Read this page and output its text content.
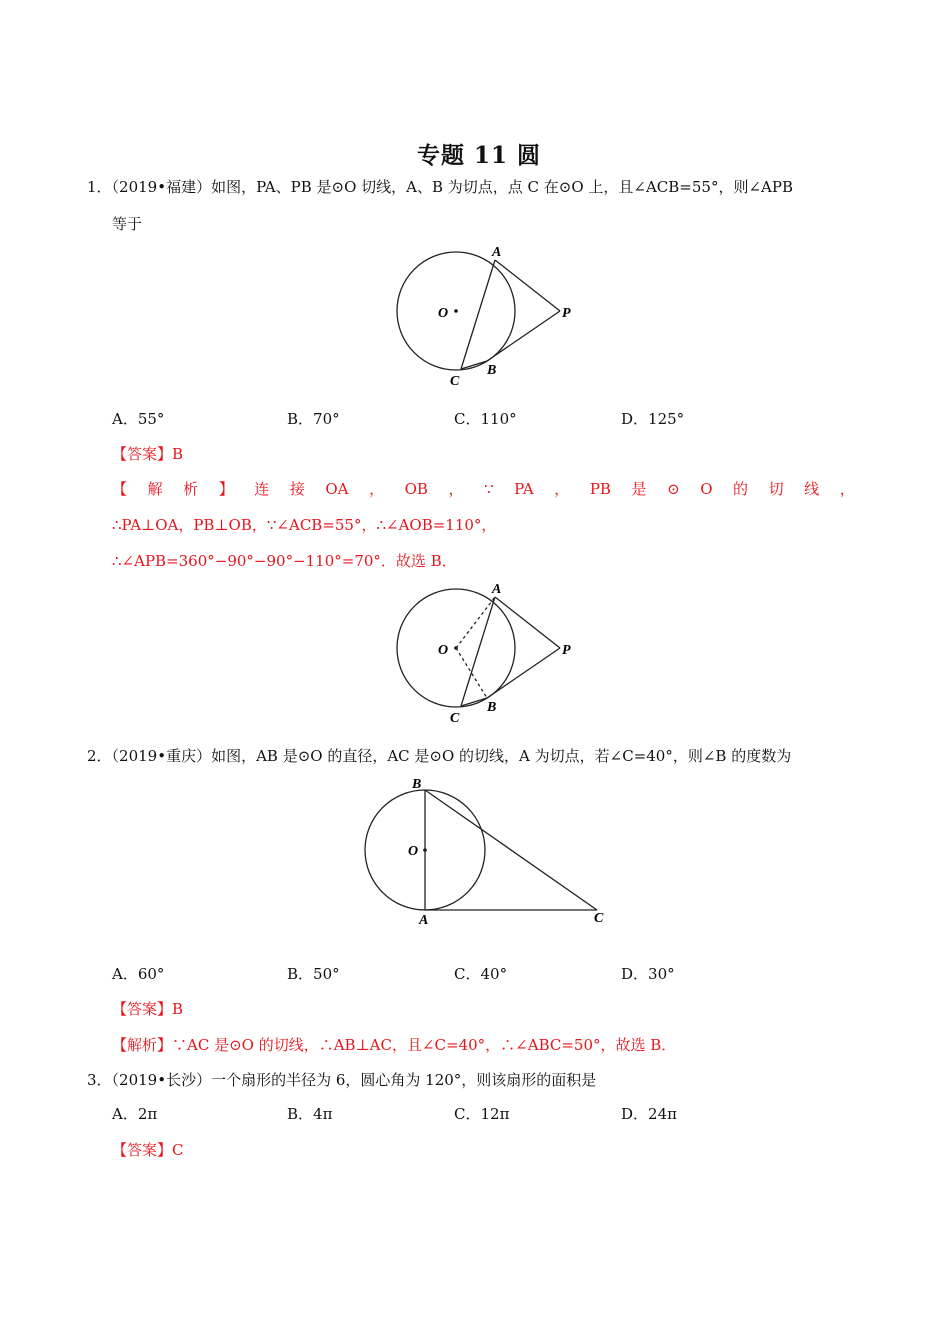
专题 11 圆
1．（2019•福建）如图，PA、PB 是⊙O 切线，A、B 为切点，点 C 在⊙O 上，且∠ACB=55°，则∠APB
等于
A
O	P
B
C
A．55°	B．70°	C．110°	D．125°
【答案】B
【 解 析 】 连 接 OA ， OB ， ∵ PA ， PB 是 ⊙ O 的 切 线 ，
∴PA⊥OA，PB⊥OB，∵∠ACB=55°，∴∠AOB=110°，
∴∠APB=360°−90°−90°−110°=70°．故选 B．
A
O	P
B
C
2．（2019•重庆）如图，AB 是⊙O 的直径，AC 是⊙O 的切线，A 为切点，若∠C=40°，则∠B 的度数为
B
O
A	C
A．60°	B．50°	C．40°	D．30°
【答案】B
【解析】∵AC 是⊙O 的切线，∴AB⊥AC，且∠C=40°，∴∠ABC=50°，故选 B．
3．（2019•长沙）一个扇形的半径为 6，圆心角为 120°，则该扇形的面积是
A．2π	B．4π	C．12π	D．24π
【答案】C
